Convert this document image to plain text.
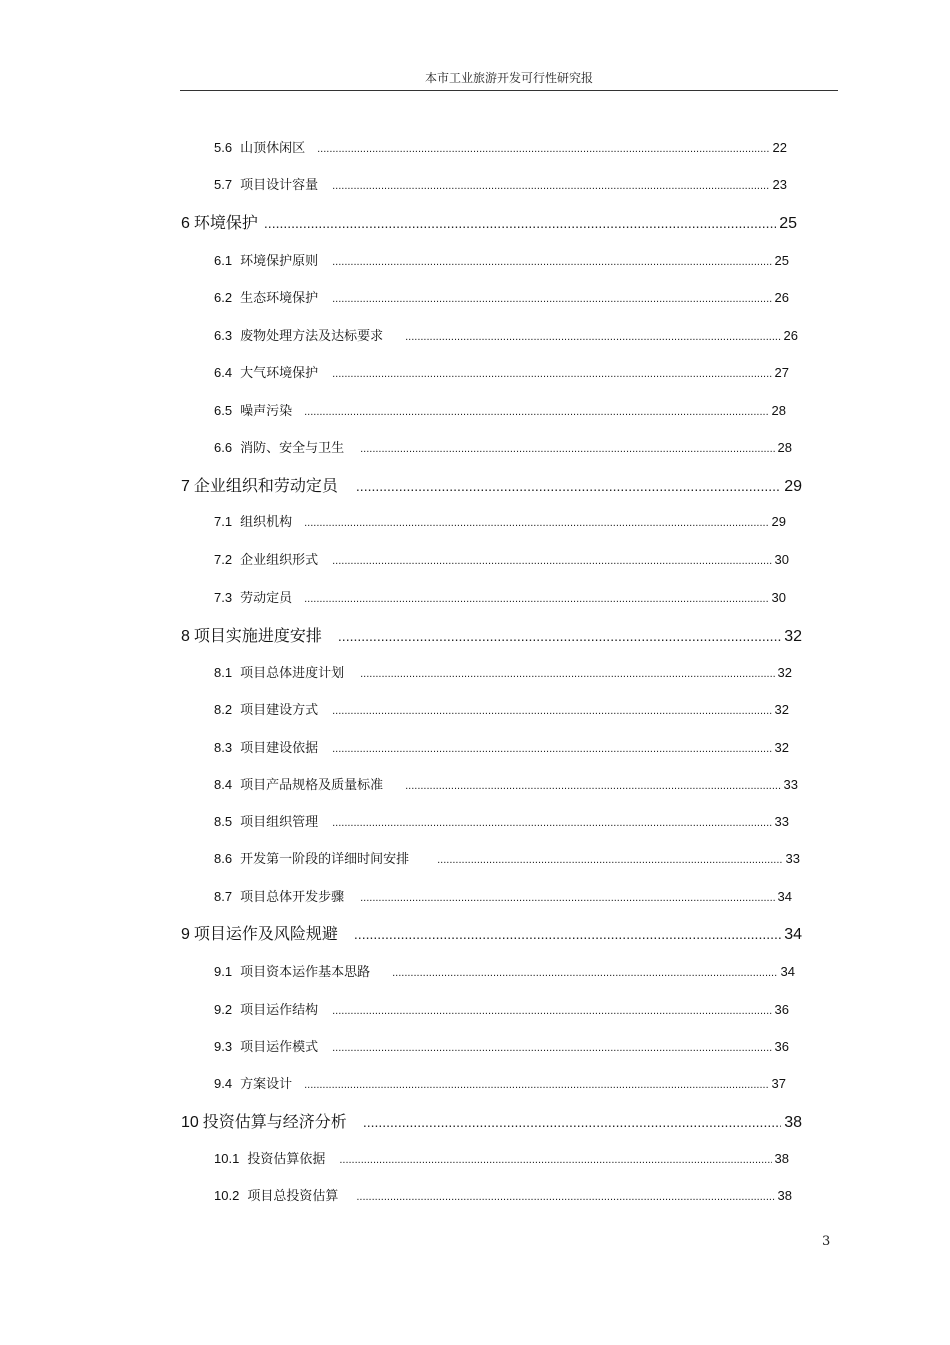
本市工业旅游开发可行性研究报
5.6 山顶休闲区 .....	22
5.7 项目设计容量 .....	23
6 环境保护 .....	25
6.1 环境保护原则 .....	25
6.2 生态环境保护 .....	26
6.3 废物处理方法及达标要求 .....	26
6.4 大气环境保护 .....	27
6.5 噪声污染 .....	28
6.6 消防、安全与卫生 .....	28
7 企业组织和劳动定员 .....	29
7.1 组织机构 .....	29
7.2 企业组织形式 .....	30
7.3 劳动定员 .....	30
8 项目实施进度安排 .....	32
8.1 项目总体进度计划 .....	32
8.2 项目建设方式 .....	32
8.3 项目建设依据 .....	32
8.4 项目产品规格及质量标准 .....	33
8.5 项目组织管理 .....	33
8.6 开发第一阶段的详细时间安排 .....	33
8.7 项目总体开发步骤 .....	34
9 项目运作及风险规避 .....	34
9.1 项目资本运作基本思路 .....	34
9.2 项目运作结构 .....	36
9.3 项目运作模式 .....	36
9.4 方案设计 .....	37
10 投资估算与经济分析 .....	38
10.1 投资估算依据 .....	38
10.2 项目总投资估算 .....	38
3
